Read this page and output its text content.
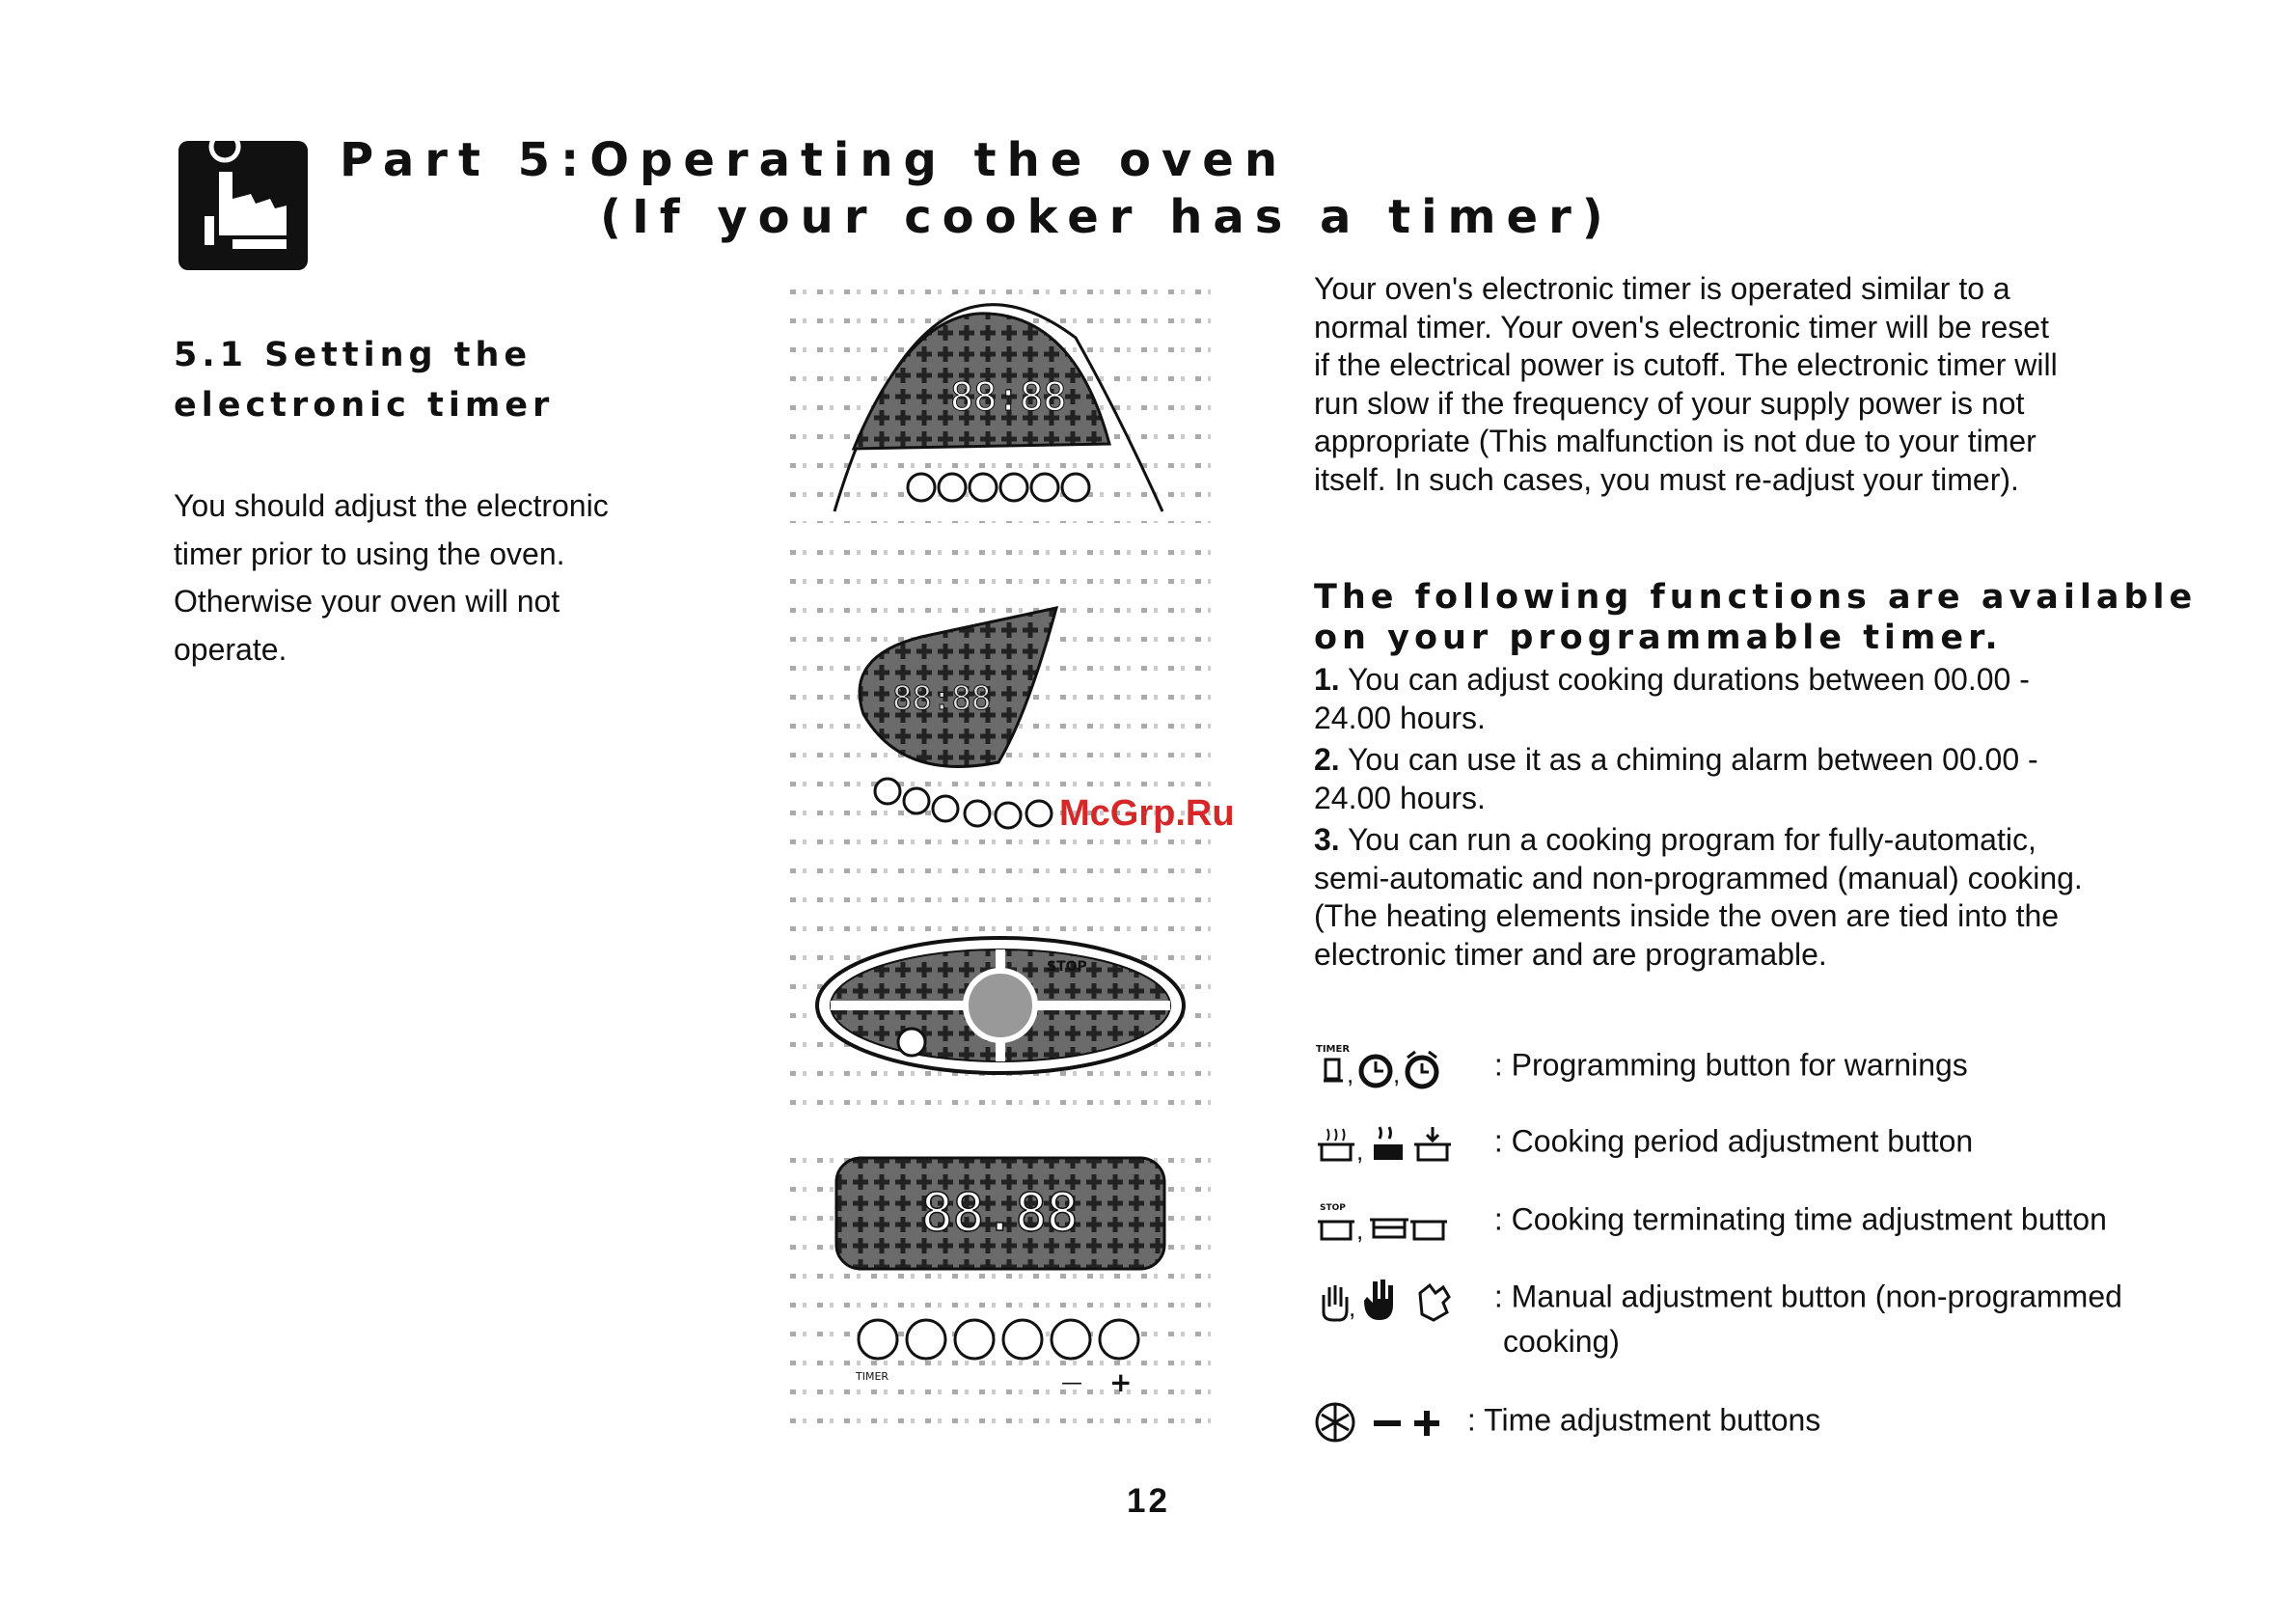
Part 5:Operating the oven
(If your cooker has a timer)
5.1 Setting the
electronic timer
You should adjust the electronic
timer prior to using the oven.
Otherwise your oven will not
operate.
88:88
88:88
STOP
88.88
TIMER	— +
Your oven's electronic timer is operated similar to a
normal timer. Your oven's electronic timer will be reset
if the electrical power is cutoff. The electronic timer will
run slow if the frequency of your supply power is not
appropriate (This malfunction is not due to your timer
itself. In such cases, you must re-adjust your timer).
The following functions are available
on your programmable timer.
1. You can adjust cooking durations between 00.00 -
24.00 hours.
2. You can use it as a chiming alarm between 00.00 -
24.00 hours.
3. You can run a cooking program for fully-automatic,
semi-automatic and non-programmed (manual) cooking.
(The heating elements inside the oven are tied into the
electronic timer and are programable.
TIMER
, ,	: Programming button for warnings
,	: Cooking period adjustment button
STOP
,	: Cooking terminating time adjustment button
,	: Manual adjustment button (non-programmed
cooking)
: Time adjustment buttons
McGrp.Ru
12
